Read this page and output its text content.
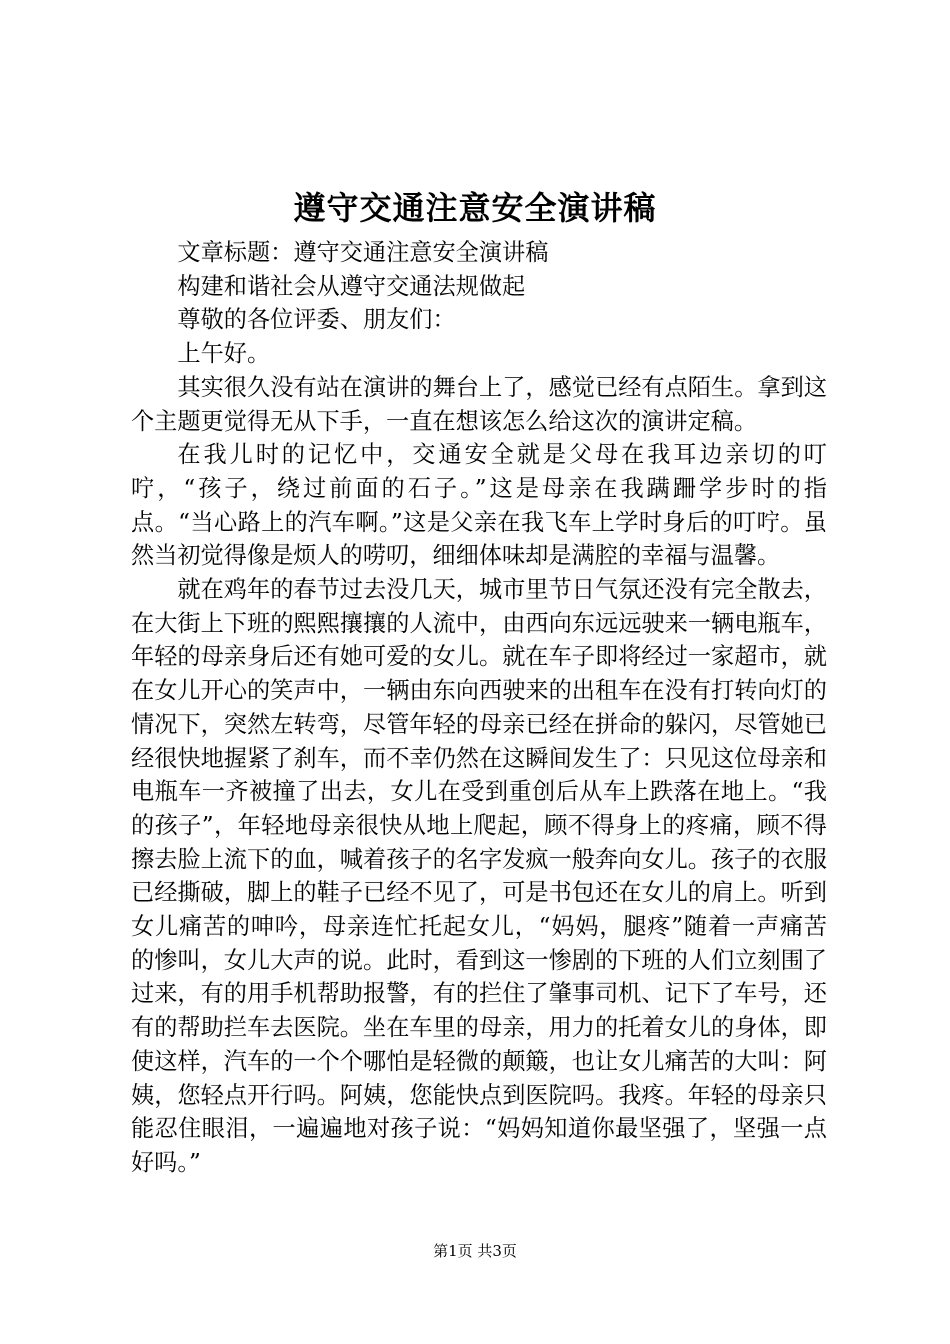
遵守交通注意安全演讲稿

文章标题：遵守交通注意安全演讲稿

构建和谐社会从遵守交通法规做起

尊敬的各位评委、朋友们：

上午好。

其实很久没有站在演讲的舞台上了，感觉已经有点陌生。拿到这个主题更觉得无从下手，一直在想该怎么给这次的演讲定稿。

在我儿时的记忆中，交通安全就是父母在我耳边亲切的叮咛，“孩子，绕过前面的石子。”这是母亲在我蹒跚学步时的指点。“当心路上的汽车啊。”这是父亲在我飞车上学时身后的叮咛。虽然当初觉得像是烦人的唠叨，细细体味却是满腔的幸福与温馨。

就在鸡年的春节过去没几天，城市里节日气氛还没有完全散去，在大街上下班的熙熙攘攘的人流中，由西向东远远驶来一辆电瓶车，年轻的母亲身后还有她可爱的女儿。就在车子即将经过一家超市，就在女儿开心的笑声中，一辆由东向西驶来的出租车在没有打转向灯的情况下，突然左转弯，尽管年轻的母亲已经在拼命的躲闪，尽管她已经很快地握紧了刹车，而不幸仍然在这瞬间发生了：只见这位母亲和电瓶车一齐被撞了出去，女儿在受到重创后从车上跌落在地上。“我的孩子”，年轻地母亲很快从地上爬起，顾不得身上的疼痛，顾不得擦去脸上流下的血，喊着孩子的名字发疯一般奔向女儿。孩子的衣服已经撕破，脚上的鞋子已经不见了，可是书包还在女儿的肩上。听到女儿痛苦的呻吟，母亲连忙托起女儿，“妈妈，腿疼”随着一声痛苦的惨叫，女儿大声的说。此时，看到这一惨剧的下班的人们立刻围了过来，有的用手机帮助报警，有的拦住了肇事司机、记下了车号，还有的帮助拦车去医院。坐在车里的母亲，用力的托着女儿的身体，即使这样，汽车的一个个哪怕是轻微的颠簸，也让女儿痛苦的大叫：阿姨，您轻点开行吗。阿姨，您能快点到医院吗。我疼。年轻的母亲只能忍住眼泪，一遍遍地对孩子说：“妈妈知道你最坚强了，坚强一点好吗。”

第1页 共3页
